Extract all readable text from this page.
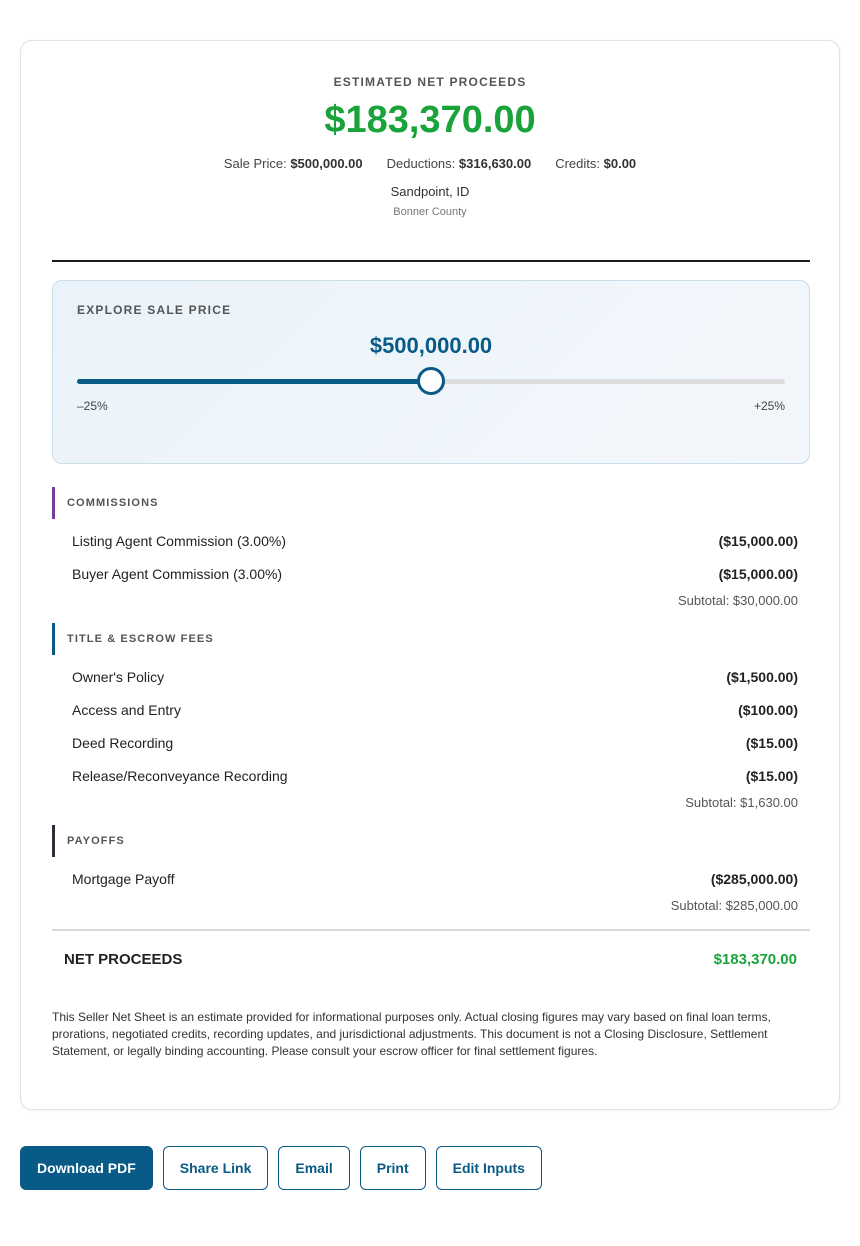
ESTIMATED NET PROCEEDS
$183,370.00
Sale Price: $500,000.00 Deductions: $316,630.00 Credits: $0.00
Sandpoint, ID
Bonner County
EXPLORE SALE PRICE
$500,000.00
–25%	+25%
COMMISSIONS
Listing Agent Commission (3.00%)	($15,000.00)
Buyer Agent Commission (3.00%)	($15,000.00)
Subtotal: $30,000.00
TITLE & ESCROW FEES
Owner's Policy	($1,500.00)
Access and Entry	($100.00)
Deed Recording	($15.00)
Release/Reconveyance Recording	($15.00)
Subtotal: $1,630.00
PAYOFFS
Mortgage Payoff	($285,000.00)
Subtotal: $285,000.00
NET PROCEEDS	$183,370.00
This Seller Net Sheet is an estimate provided for informational purposes only. Actual closing figures may vary based on final loan terms, prorations, negotiated credits, recording updates, and jurisdictional adjustments. This document is not a Closing Disclosure, Settlement Statement, or legally binding accounting. Please consult your escrow officer for final settlement figures.
Download PDF	Share Link	Email	Print	Edit Inputs
